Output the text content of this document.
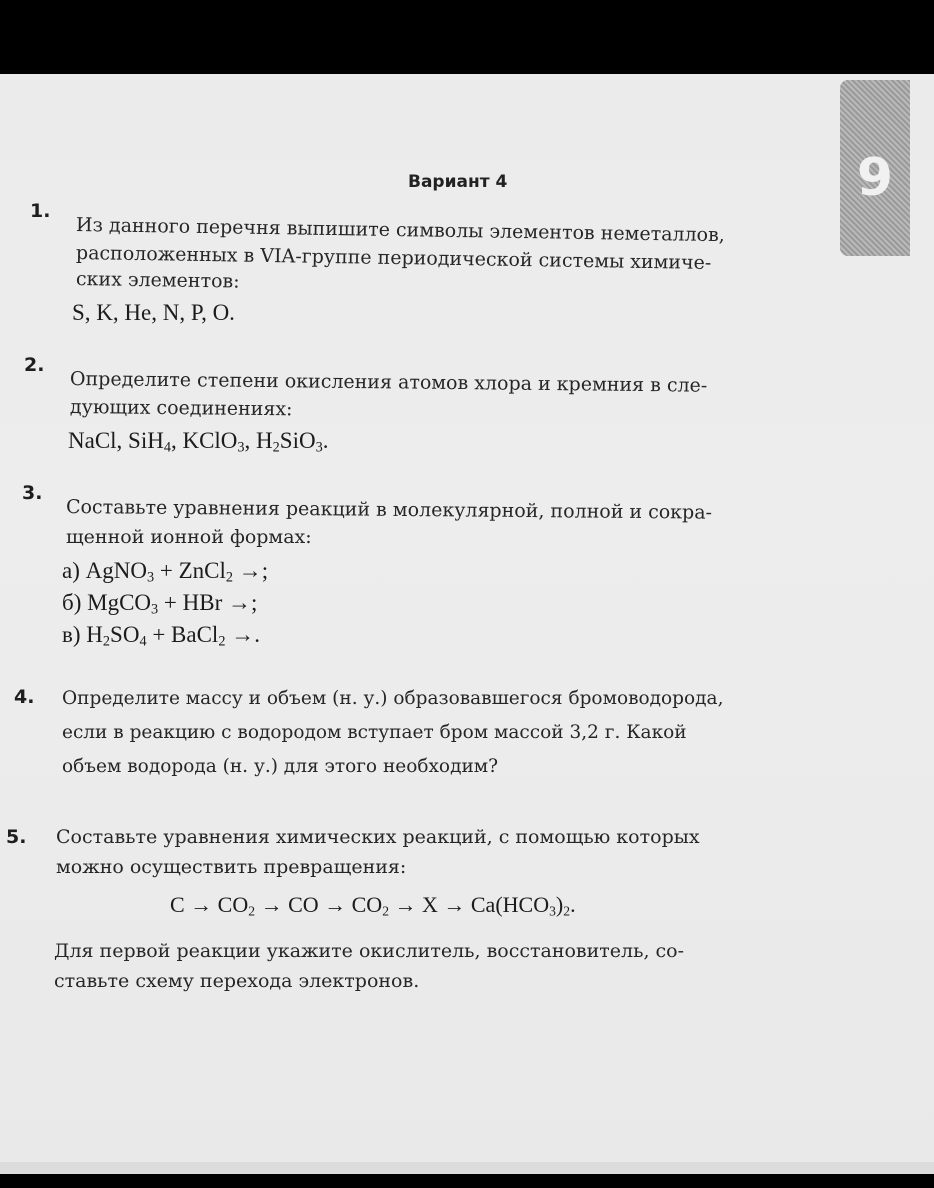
9
Вариант 4
1.
Из данного перечня выпишите символы элементов неметаллов,
расположенных в VIA-группе периодической системы химиче-
ских элементов:
S, K, He, N, P, O.
2.
Определите степени окисления атомов хлора и кремния в сле-
дующих соединениях:
NaCl, SiH$_4$, KClO$_3$, $H_2SiO_3$.
3.
Составьте уравнения реакций в молекулярной, полной и сокра-
щенной ионной формах:
а) AgNO$_3$ + ZnCl$_2$ →;
б) MgCO$_3$ + HBr →;
в) $H_2SO_4$ + BaCl$_2$ →.
4. Определите массу и объем (н. у.) образовавшегося бромоводорода,
если в реакцию с водородом вступает бром массой 3,2 г. Какой
объем водорода (н. у.) для этого необходим?
5. Составьте уравнения химических реакций, с помощью которых
можно осуществить превращения:
$C \to CO_2$ → CO → $CO_2 \to X \to Ca(HCO_3)_2$.
Для первой реакции укажите окислитель, восстановитель, со-
ставьте схему перехода электронов.
